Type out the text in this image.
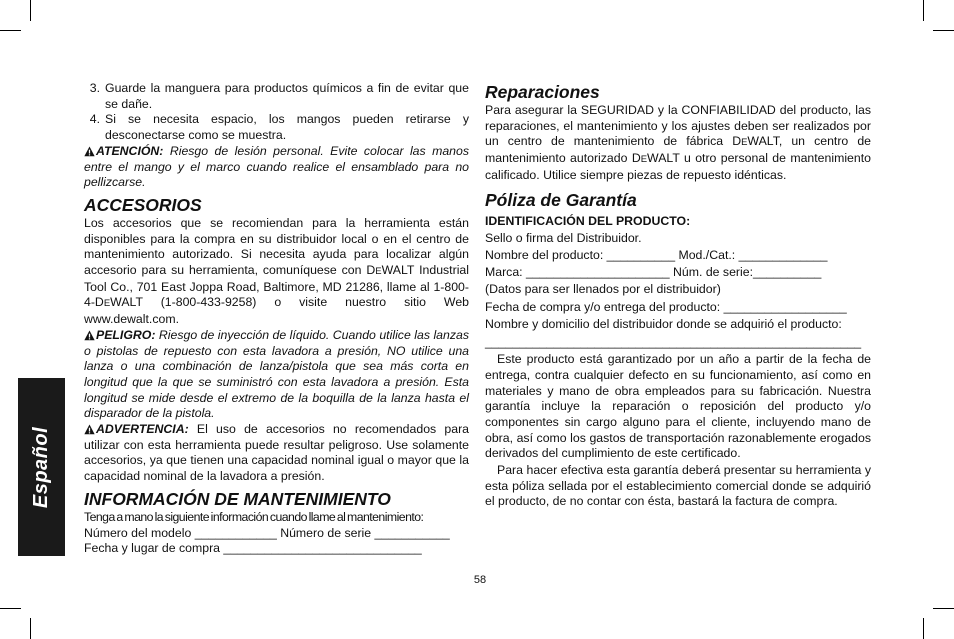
Español
3. Guarde la manguera para productos químicos a fin de evitar que se dañe.
4. Si se necesita espacio, los mangos pueden retirarse y desconectarse como se muestra.

ATENCIÓN: Riesgo de lesión personal. Evite colocar las manos entre el mango y el marco cuando realice el ensamblado para no pellizcarse.

ACCESORIOS

Los accesorios que se recomiendan para la herramienta están disponibles para la compra en su distribuidor local o en el centro de mantenimiento autorizado. Si necesita ayuda para localizar algún accesorio para su herramienta, comuníquese con DEWALT Industrial Tool Co., 701 East Joppa Road, Baltimore, MD 21286, llame al 1-800-4-DEWALT (1-800-433-9258) o visite nuestro sitio Web www.dewalt.com.

PELIGRO: Riesgo de inyección de líquido. Cuando utilice las lanzas o pistolas de repuesto con esta lavadora a presión, NO utilice una lanza o una combinación de lanza/pistola que sea más corta en longitud que la que se suministró con esta lavadora a presión. Esta longitud se mide desde el extremo de la boquilla de la lanza hasta el disparador de la pistola.

ADVERTENCIA: El uso de accesorios no recomendados para utilizar con esta herramienta puede resultar peligroso. Use solamente accesorios, ya que tienen una capacidad nominal igual o mayor que la capacidad nominal de la lavadora a presión.

INFORMACIÓN DE MANTENIMIENTO

Tenga a mano la siguiente información cuando llame al mantenimiento:

Número del modelo ____________ Número de serie ___________

Fecha y lugar de compra _____________________________

Reparaciones

Para asegurar la SEGURIDAD y la CONFIABILIDAD del producto, las reparaciones, el mantenimiento y los ajustes deben ser realizados por un centro de mantenimiento de fábrica DEWALT, un centro de mantenimiento autorizado DEWALT u otro personal de mantenimiento calificado. Utilice siempre piezas de repuesto idénticas.

Póliza de Garantía

IDENTIFICACIÓN DEL PRODUCTO:

Sello o firma del Distribuidor.

Nombre del producto: __________ Mod./Cat.: _____________

Marca: _____________________ Núm. de serie:__________

(Datos para ser llenados por el distribuidor)

Fecha de compra y/o entrega del producto: __________________

Nombre y domicilio del distribuidor donde se adquirió el producto:

_______________________________________________________

Este producto está garantizado por un año a partir de la fecha de entrega, contra cualquier defecto en su funcionamiento, así como en materiales y mano de obra empleados para su fabricación. Nuestra garantía incluye la reparación o reposición del producto y/o componentes sin cargo alguno para el cliente, incluyendo mano de obra, así como los gastos de transportación razonablemente erogados derivados del cumplimiento de este certificado.

Para hacer efectiva esta garantía deberá presentar su herramienta y esta póliza sellada por el establecimiento comercial donde se adquirió el producto, de no contar con ésta, bastará la factura de compra.

58
